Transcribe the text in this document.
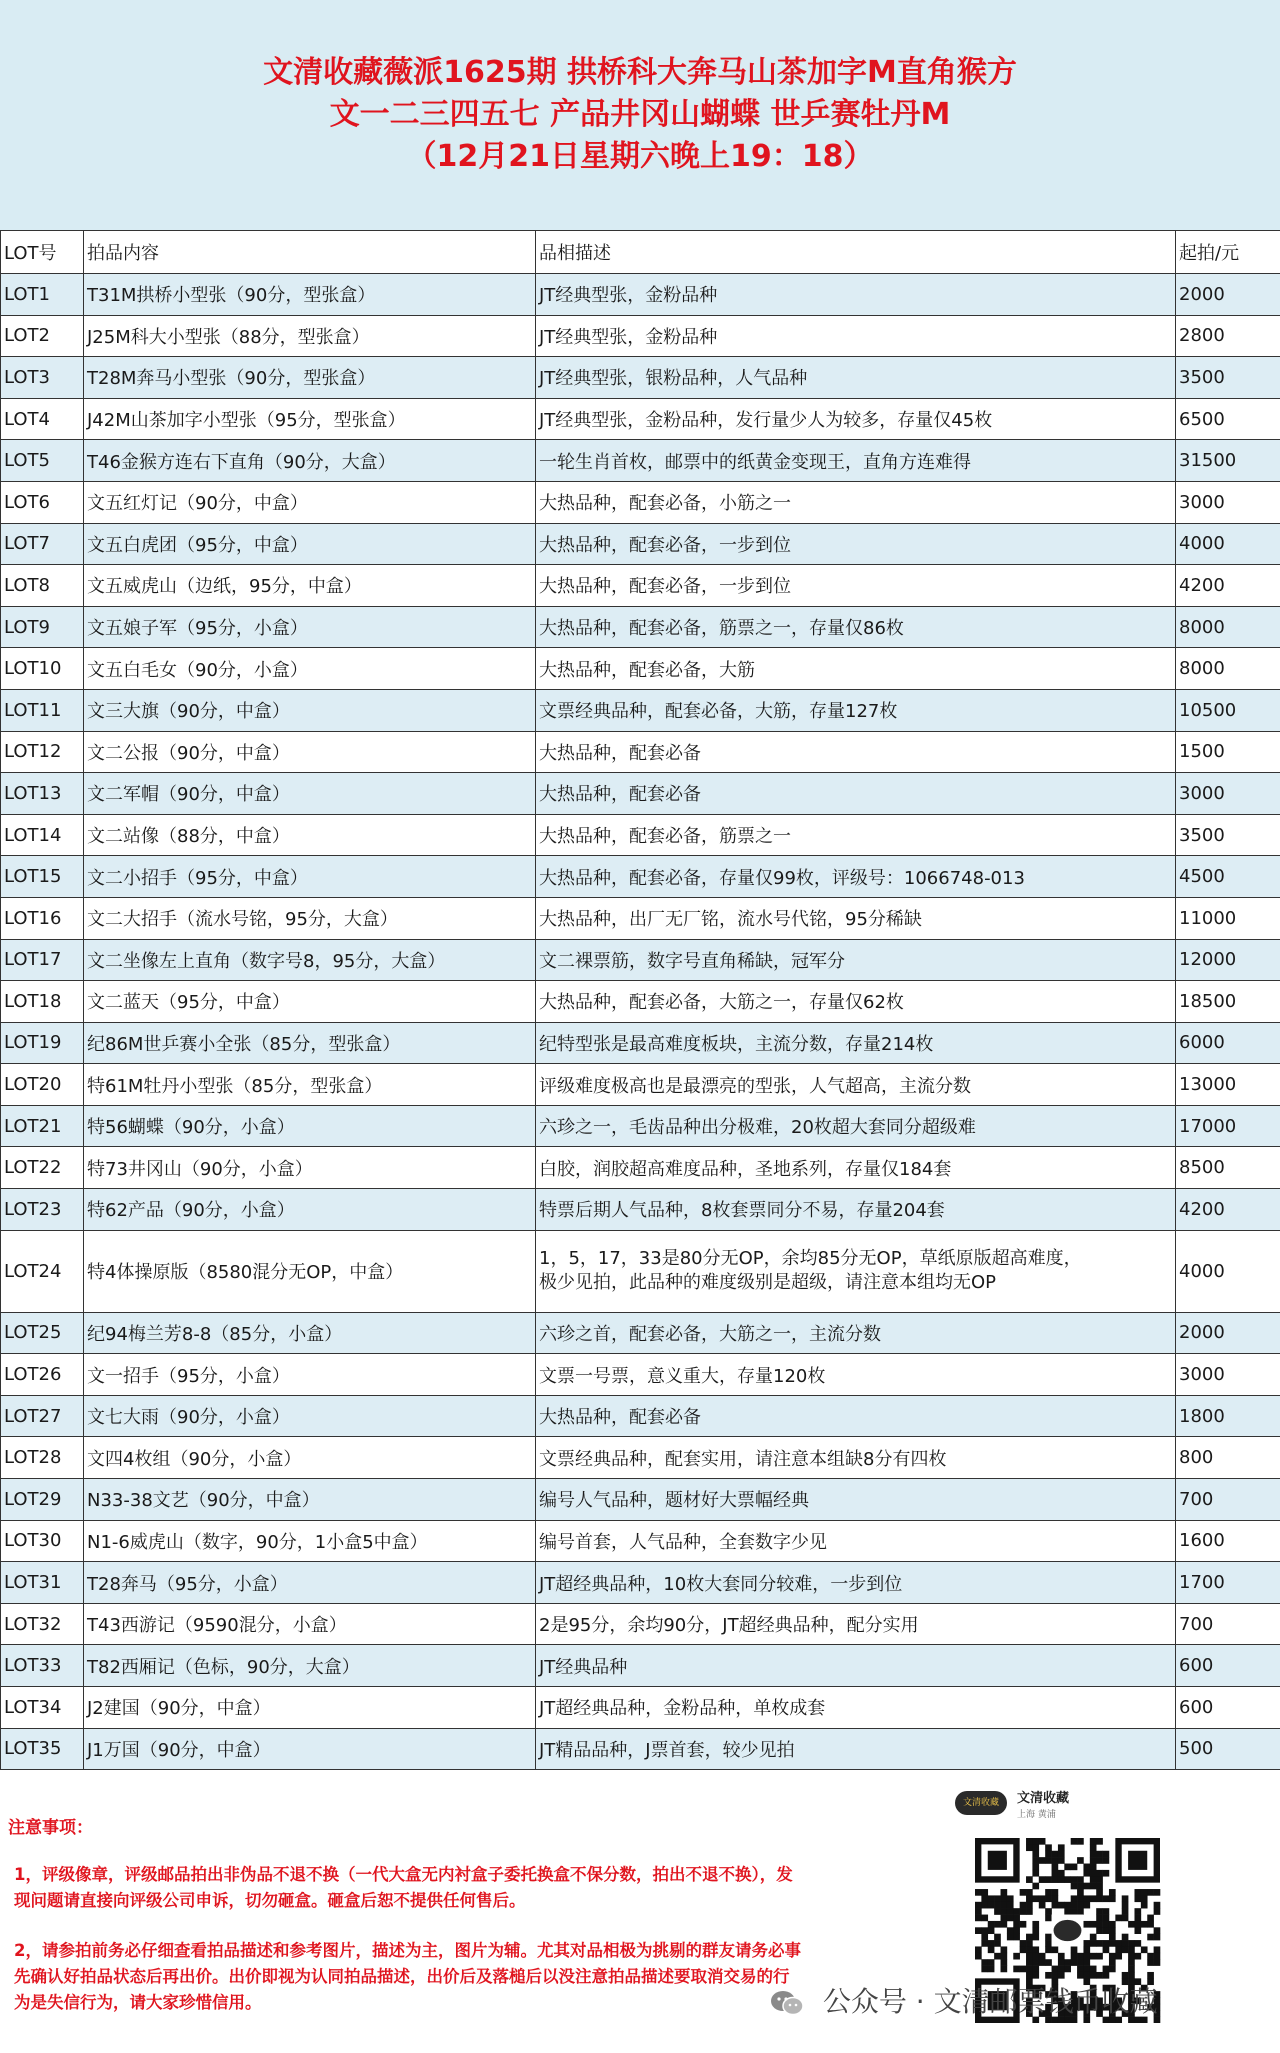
文清收藏薇派1625期 拱桥科大奔马山茶加字M直角猴方
文一二三四五七 产品井冈山蝴蝶 世乒赛牡丹M
（12月21日星期六晚上19：18）
LOT号	拍品内容	品相描述	起拍/元
LOT1	T31M拱桥小型张（90分，型张盒）	JT经典型张，金粉品种	2000
LOT2	J25M科大小型张（88分，型张盒）	JT经典型张，金粉品种	2800
LOT3	T28M奔马小型张（90分，型张盒）	JT经典型张，银粉品种，人气品种	3500
LOT4	J42M山茶加字小型张（95分，型张盒）	JT经典型张，金粉品种，发行量少人为较多，存量仅45枚	6500
LOT5	T46金猴方连右下直角（90分，大盒）	一轮生肖首枚，邮票中的纸黄金变现王，直角方连难得	31500
LOT6	文五红灯记（90分，中盒）	大热品种，配套必备，小筋之一	3000
LOT7	文五白虎团（95分，中盒）	大热品种，配套必备，一步到位	4000
LOT8	文五威虎山（边纸，95分，中盒）	大热品种，配套必备，一步到位	4200
LOT9	文五娘子军（95分，小盒）	大热品种，配套必备，筋票之一，存量仅86枚	8000
LOT10	文五白毛女（90分，小盒）	大热品种，配套必备，大筋	8000
LOT11	文三大旗（90分，中盒）	文票经典品种，配套必备，大筋，存量127枚	10500
LOT12	文二公报（90分，中盒）	大热品种，配套必备	1500
LOT13	文二军帽（90分，中盒）	大热品种，配套必备	3000
LOT14	文二站像（88分，中盒）	大热品种，配套必备，筋票之一	3500
LOT15	文二小招手（95分，中盒）	大热品种，配套必备，存量仅99枚，评级号：1066748-013	4500
LOT16	文二大招手（流水号铭，95分，大盒）	大热品种，出厂无厂铭，流水号代铭，95分稀缺	11000
LOT17	文二坐像左上直角（数字号8，95分，大盒）	文二裸票筋，数字号直角稀缺，冠军分	12000
LOT18	文二蓝天（95分，中盒）	大热品种，配套必备，大筋之一，存量仅62枚	18500
LOT19	纪86M世乒赛小全张（85分，型张盒）	纪特型张是最高难度板块，主流分数，存量214枚	6000
LOT20	特61M牡丹小型张（85分，型张盒）	评级难度极高也是最漂亮的型张，人气超高，主流分数	13000
LOT21	特56蝴蝶（90分，小盒）	六珍之一，毛齿品种出分极难，20枚超大套同分超级难	17000
LOT22	特73井冈山（90分，小盒）	白胶，润胶超高难度品种，圣地系列，存量仅184套	8500
LOT23	特62产品（90分，小盒）	特票后期人气品种，8枚套票同分不易，存量204套	4200
LOT24	特4体操原版（8580混分无OP，中盒）	1，5，17，33是80分无OP，余均85分无OP，草纸原版超高难度，
极少见拍，此品种的难度级别是超级，请注意本组均无OP	4000
LOT25	纪94梅兰芳8-8（85分，小盒）	六珍之首，配套必备，大筋之一，主流分数	2000
LOT26	文一招手（95分，小盒）	文票一号票，意义重大，存量120枚	3000
LOT27	文七大雨（90分，小盒）	大热品种，配套必备	1800
LOT28	文四4枚组（90分，小盒）	文票经典品种，配套实用，请注意本组缺8分有四枚	800
LOT29	N33-38文艺（90分，中盒）	编号人气品种，题材好大票幅经典	700
LOT30	N1-6威虎山（数字，90分，1小盒5中盒）	编号首套，人气品种，全套数字少见	1600
LOT31	T28奔马（95分，小盒）	JT超经典品种，10枚大套同分较难，一步到位	1700
LOT32	T43西游记（9590混分，小盒）	2是95分，余均90分，JT超经典品种，配分实用	700
LOT33	T82西厢记（色标，90分，大盒）	JT经典品种	600
LOT34	J2建国（90分，中盒）	JT超经典品种，金粉品种，单枚成套	600
LOT35	J1万国（90分，中盒）	JT精品品种，J票首套，较少见拍	500
注意事项：
1，评级像章，评级邮品拍出非伪品不退不换（一代大盒无内衬盒子委托换盒不保分数，拍出不退不换），发现问题请直接向评级公司申诉，切勿砸盒。砸盒后恕不提供任何售后。
2，请参拍前务必仔细查看拍品描述和参考图片，描述为主，图片为辅。尤其对品相极为挑剔的群友请务必事先确认好拍品状态后再出价。出价即视为认同拍品描述，出价后及落槌后以没注意拍品描述要取消交易的行为是失信行为，请大家珍惜信用。
文清收藏	文清收藏
上海 黄浦
公众号 · 文清邮票钱币收藏
